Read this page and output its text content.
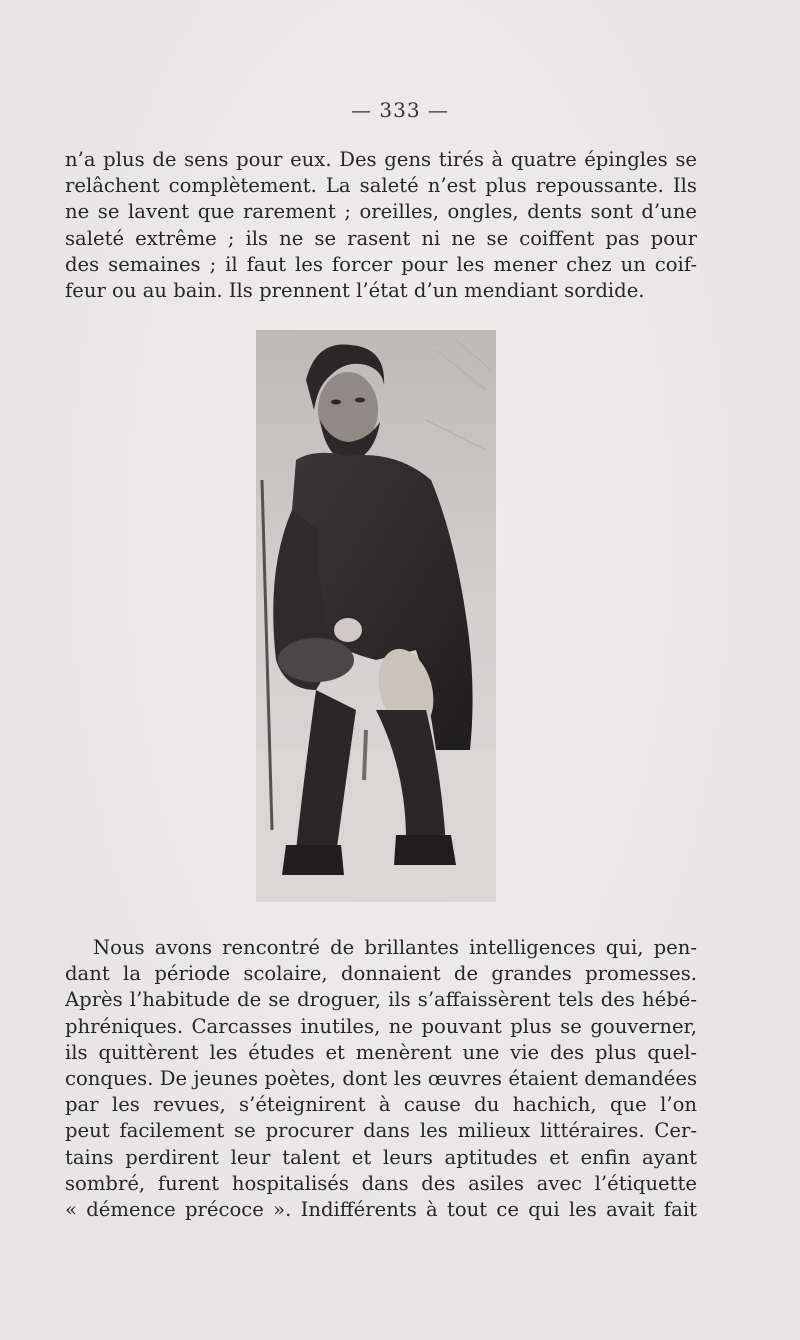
— 333 —
n’a plus de sens pour eux. Des gens tirés à quatre épingles se
relâchent complètement. La saleté n’est plus repoussante. Ils
ne se lavent que rarement ; oreilles, ongles, dents sont d’une
saleté extrême ; ils ne se rasent ni ne se coiffent pas pour
des semaines ; il faut les forcer pour les mener chez un coif-
feur ou au bain. Ils prennent l’état d’un mendiant sordide.
Nous avons rencontré de brillantes intelligences qui, pen-
dant la période scolaire, donnaient de grandes promesses.
Après l’habitude de se droguer, ils s’affaissèrent tels des hébé-
phréniques. Carcasses inutiles, ne pouvant plus se gouverner,
ils quittèrent les études et menèrent une vie des plus quel-
conques. De jeunes poètes, dont les œuvres étaient demandées
par les revues, s’éteignirent à cause du hachich, que l’on
peut facilement se procurer dans les milieux littéraires. Cer-
tains perdirent leur talent et leurs aptitudes et enfin ayant
sombré, furent hospitalisés dans des asiles avec l’étiquette
« démence précoce ». Indifférents à tout ce qui les avait fait
